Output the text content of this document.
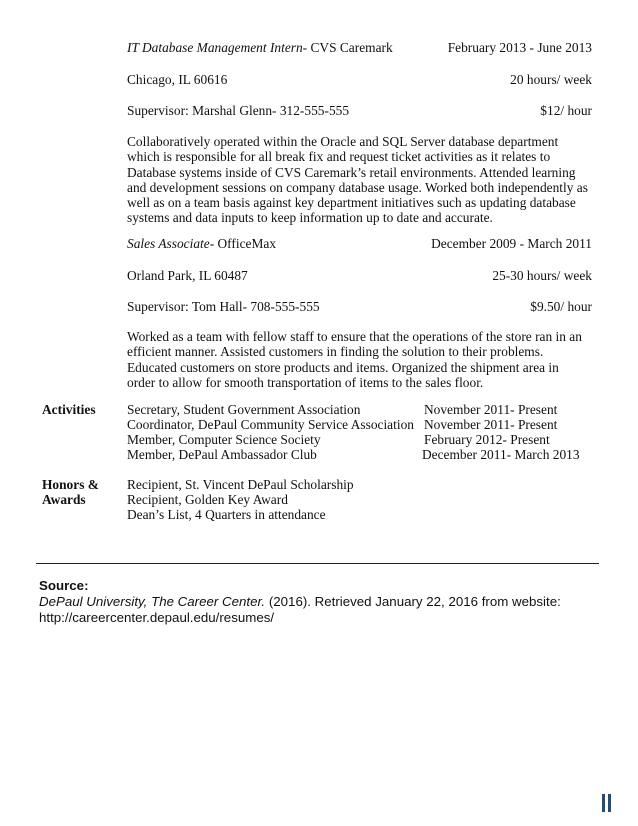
IT Database Management Intern- CVS Caremark	February 2013 - June 2013
Chicago, IL 60616	20 hours/ week
Supervisor: Marshal Glenn- 312-555-555	$12/ hour
Collaboratively operated within the Oracle and SQL Server database department which is responsible for all break fix and request ticket activities as it relates to Database systems inside of CVS Caremark’s retail environments. Attended learning and development sessions on company database usage. Worked both independently as well as on a team basis against key department initiatives such as updating database systems and data inputs to keep information up to date and accurate.
Sales Associate- OfficeMax	December 2009 - March 2011
Orland Park, IL 60487	25-30 hours/ week
Supervisor: Tom Hall- 708-555-555	$9.50/ hour
Worked as a team with fellow staff to ensure that the operations of the store ran in an efficient manner. Assisted customers in finding the solution to their problems. Educated customers on store products and items. Organized the shipment area in order to allow for smooth transportation of items to the sales floor.
Activities Secretary, Student Government Association	November 2011- Present
Coordinator, DePaul Community Service Association November 2011- Present
Member, Computer Science Society	February 2012- Present
Member, DePaul Ambassador Club	December 2011- March 2013
Honors &
Awards
Recipient, St. Vincent DePaul Scholarship
Recipient, Golden Key Award
Dean’s List, 4 Quarters in attendance
Source:
DePaul University, The Career Center. (2016). Retrieved January 22, 2016 from website:
http://careercenter.depaul.edu/resumes/
